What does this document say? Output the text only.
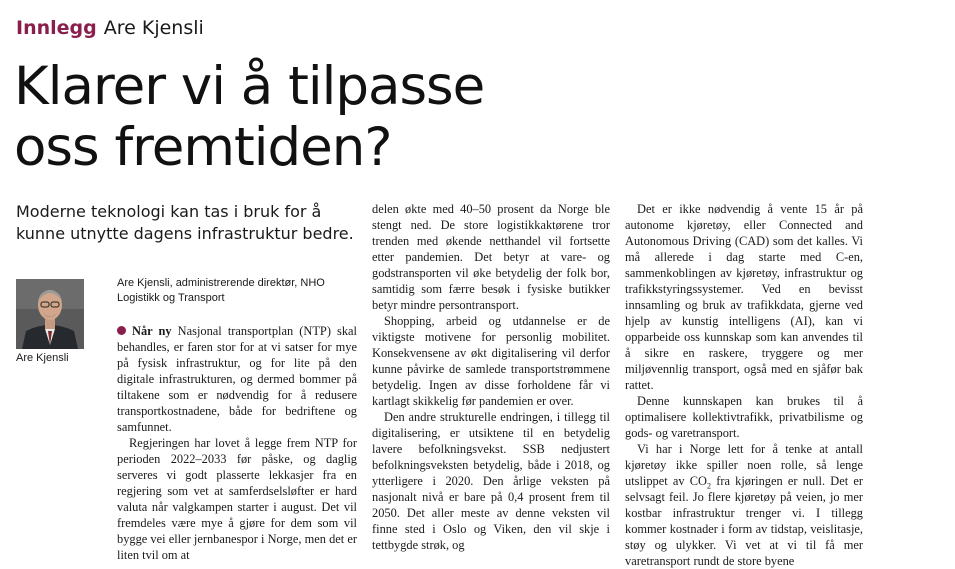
Innlegg Are Kjensli
Klarer vi å tilpasse
oss fremtiden?

Moderne teknologi kan tas i bruk for å kunne utnytte dagens infrastruktur bedre.

Are Kjensli
Are Kjensli, administrerende direktør, NHO Logistikk og Transport

Når ny Nasjonal transportplan (NTP) skal behandles, er faren stor for at vi satser for mye på fysisk infrastruktur, og for lite på den digitale infrastrukturen, og dermed bommer på tiltakene som er nødvendig for å redusere transportkostnadene, både for bedriftene og samfunnet.

Regjeringen har lovet å legge frem NTP for perioden 2022–2033 før påske, og daglig serveres vi godt plasserte lekkasjer fra en regjering som vet at samferdselsløfter er hard valuta når valgkampen starter i august. Det vil fremdeles være mye å gjøre for dem som vil bygge vei eller jernbanespor i Norge, men det er liten tvil om at

delen økte med 40–50 prosent da Norge ble stengt ned. De store logistikkaktørene tror trenden med økende netthandel vil fortsette etter pandemien. Det betyr at vare- og godstransporten vil øke betydelig der folk bor, samtidig som færre besøk i fysiske butikker betyr mindre persontransport.

Shopping, arbeid og utdannelse er de viktigste motivene for personlig mobilitet. Konsekvensene av økt digitalisering vil derfor kunne påvirke de samlede transportstrømmene betydelig. Ingen av disse forholdene får vi kartlagt skikkelig før pandemien er over.

Den andre strukturelle endringen, i tillegg til digitalisering, er utsiktene til en betydelig lavere befolkningsvekst. SSB nedjustert befolkningsveksten betydelig, både i 2018, og ytterligere i 2020. Den årlige veksten på nasjonalt nivå er bare på 0,4 prosent frem til 2050. Det aller meste av denne veksten vil finne sted i Oslo og Viken, den vil skje i tettbygde strøk, og

Det er ikke nødvendig å vente 15 år på autonome kjøretøy, eller Connected and Autonomous Driving (CAD) som det kalles. Vi må allerede i dag starte med C-en, sammenkoblingen av kjøretøy, infrastruktur og trafikkstyringssystemer. Ved en bevisst innsamling og bruk av trafikkdata, gjerne ved hjelp av kunstig intelligens (AI), kan vi opparbeide oss kunnskap som kan anvendes til å sikre en raskere, tryggere og mer miljøvennlig transport, også med en sjåfør bak rattet.

Denne kunnskapen kan brukes til å optimalisere kollektivtrafikk, privatbilisme og gods- og varetransport.

Vi har i Norge lett for å tenke at antall kjøretøy ikke spiller noen rolle, så lenge utslippet av $CO_2$ fra kjøringen er null. Det er selvsagt feil. Jo flere kjøretøy på veien, jo mer kostbar infrastruktur trenger vi. I tillegg kommer kostnader i form av tidstap, veislitasje, støy og ulykker. Vi vet at vi til få mer varetransport rundt de store byene
